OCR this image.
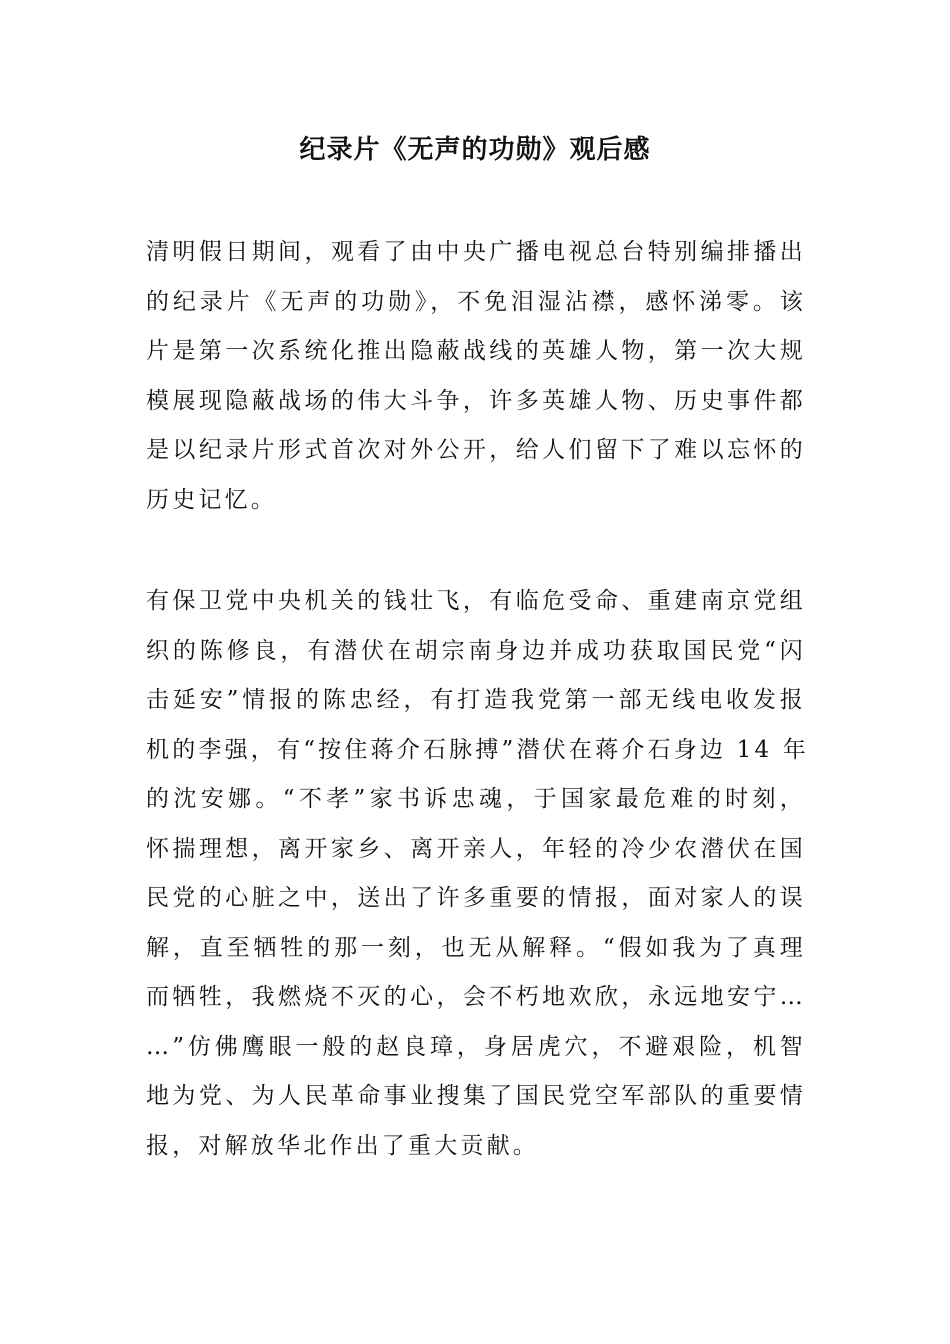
纪录片《无声的功勋》观后感
清明假日期间，观看了由中央广播电视总台特别编排播出
的纪录片《无声的功勋》，不免泪湿沾襟，感怀涕零。该
片是第一次系统化推出隐蔽战线的英雄人物，第一次大规
模展现隐蔽战场的伟大斗争，许多英雄人物、历史事件都
是以纪录片形式首次对外公开，给人们留下了难以忘怀的
历史记忆。
有保卫党中央机关的钱壮飞，有临危受命、重建南京党组
织的陈修良，有潜伏在胡宗南身边并成功获取国民党“闪
击延安”情报的陈忠经，有打造我党第一部无线电收发报
机的李强，有“按住蒋介石脉搏”潜伏在蒋介石身边 14 年
的沈安娜。“不孝”家书诉忠魂，于国家最危难的时刻，
怀揣理想，离开家乡、离开亲人，年轻的冷少农潜伏在国
民党的心脏之中，送出了许多重要的情报，面对家人的误
解，直至牺牲的那一刻，也无从解释。“假如我为了真理
而牺牲，我燃烧不灭的心，会不朽地欢欣，永远地安宁…
…”仿佛鹰眼一般的赵良璋，身居虎穴，不避艰险，机智
地为党、为人民革命事业搜集了国民党空军部队的重要情
报，对解放华北作出了重大贡献。
